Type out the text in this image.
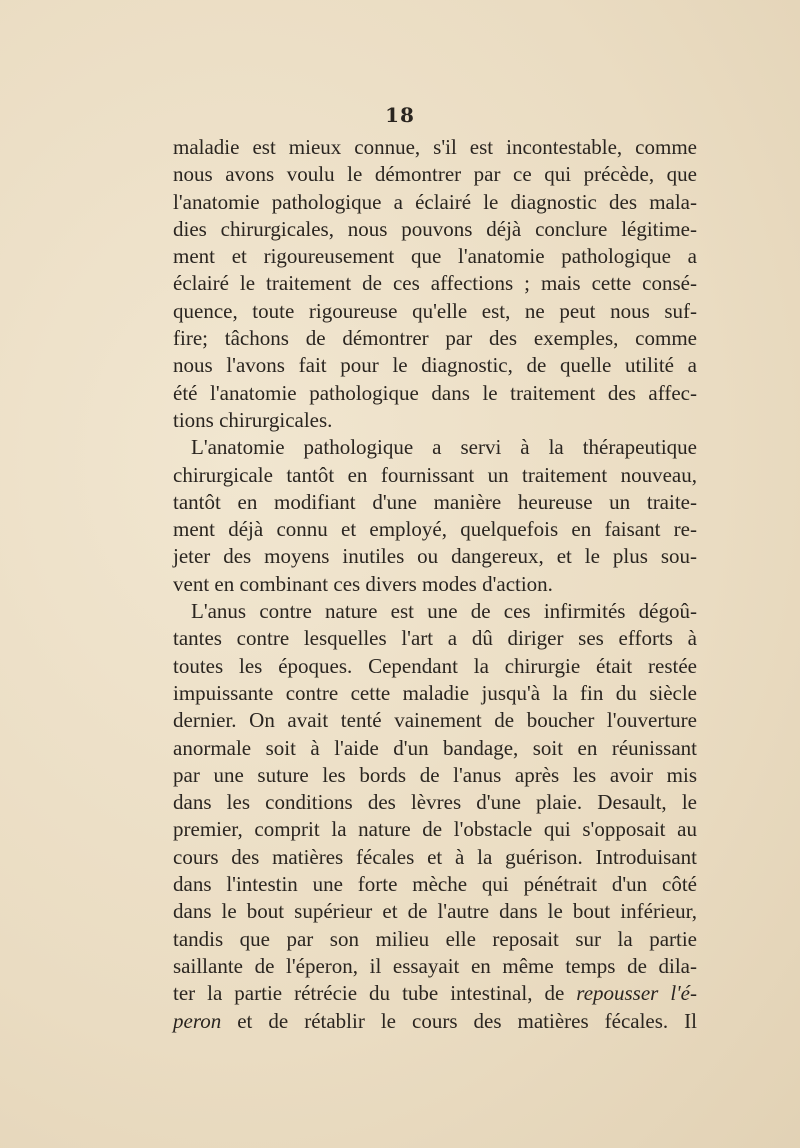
18
maladie est mieux connue, s'il est incontestable, comme
nous avons voulu le démontrer par ce qui précède, que
l'anatomie pathologique a éclairé le diagnostic des mala-
dies chirurgicales, nous pouvons déjà conclure légitime-
ment et rigoureusement que l'anatomie pathologique a
éclairé le traitement de ces affections ; mais cette consé-
quence, toute rigoureuse qu'elle est, ne peut nous suf-
fire; tâchons de démontrer par des exemples, comme
nous l'avons fait pour le diagnostic, de quelle utilité a
été l'anatomie pathologique dans le traitement des affec-
tions chirurgicales.
L'anatomie pathologique a servi à la thérapeutique
chirurgicale tantôt en fournissant un traitement nouveau,
tantôt en modifiant d'une manière heureuse un traite-
ment déjà connu et employé, quelquefois en faisant re-
jeter des moyens inutiles ou dangereux, et le plus sou-
vent en combinant ces divers modes d'action.
L'anus contre nature est une de ces infirmités dégoû-
tantes contre lesquelles l'art a dû diriger ses efforts à
toutes les époques. Cependant la chirurgie était restée
impuissante contre cette maladie jusqu'à la fin du siècle
dernier. On avait tenté vainement de boucher l'ouverture
anormale soit à l'aide d'un bandage, soit en réunissant
par une suture les bords de l'anus après les avoir mis
dans les conditions des lèvres d'une plaie. Desault, le
premier, comprit la nature de l'obstacle qui s'opposait au
cours des matières fécales et à la guérison. Introduisant
dans l'intestin une forte mèche qui pénétrait d'un côté
dans le bout supérieur et de l'autre dans le bout inférieur,
tandis que par son milieu elle reposait sur la partie
saillante de l'éperon, il essayait en même temps de dila-
ter la partie rétrécie du tube intestinal, de repousser l'é-
peron et de rétablir le cours des matières fécales. Il
